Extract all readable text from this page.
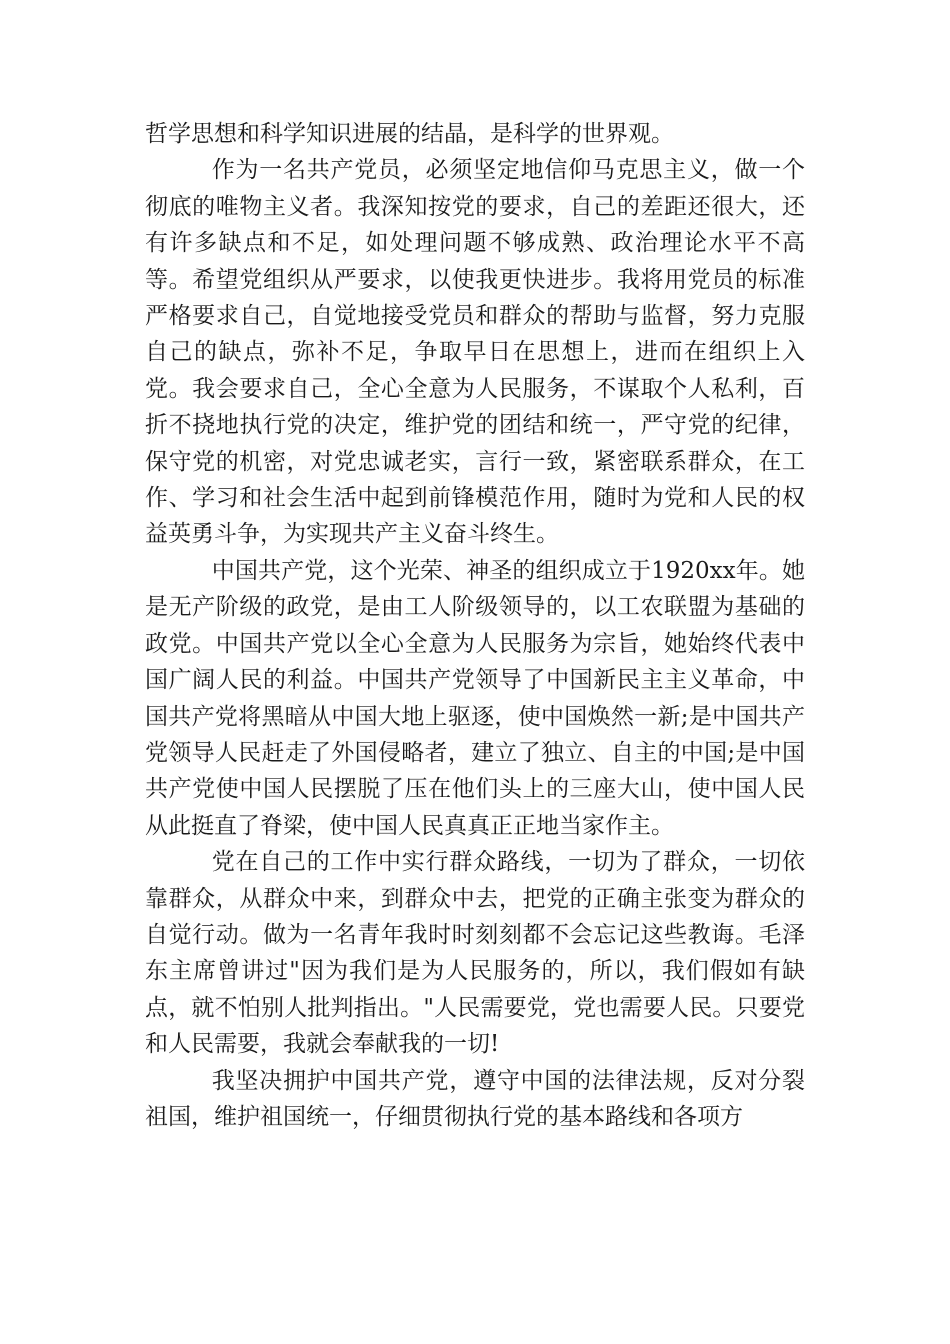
哲学思想和科学知识进展的结晶，是科学的世界观。

作为一名共产党员，必须坚定地信仰马克思主义，做一个彻底的唯物主义者。我深知按党的要求，自己的差距还很大，还有许多缺点和不足，如处理问题不够成熟、政治理论水平不高等。希望党组织从严要求，以使我更快进步。我将用党员的标准严格要求自己，自觉地接受党员和群众的帮助与监督，努力克服自己的缺点，弥补不足，争取早日在思想上，进而在组织上入党。我会要求自己，全心全意为人民服务，不谋取个人私利，百折不挠地执行党的决定，维护党的团结和统一，严守党的纪律，保守党的机密，对党忠诚老实，言行一致，紧密联系群众，在工作、学习和社会生活中起到前锋模范作用，随时为党和人民的权益英勇斗争，为实现共产主义奋斗终生。

中国共产党，这个光荣、神圣的组织成立于1920xx年。她是无产阶级的政党，是由工人阶级领导的，以工农联盟为基础的政党。中国共产党以全心全意为人民服务为宗旨，她始终代表中国广阔人民的利益。中国共产党领导了中国新民主主义革命，中国共产党将黑暗从中国大地上驱逐，使中国焕然一新;是中国共产党领导人民赶走了外国侵略者，建立了独立、自主的中国;是中国共产党使中国人民摆脱了压在他们头上的三座大山，使中国人民从此挺直了脊梁，使中国人民真真正正地当家作主。

党在自己的工作中实行群众路线，一切为了群众，一切依靠群众，从群众中来，到群众中去，把党的正确主张变为群众的自觉行动。做为一名青年我时时刻刻都不会忘记这些教诲。毛泽东主席曾讲过"因为我们是为人民服务的，所以，我们假如有缺点，就不怕别人批判指出。"人民需要党，党也需要人民。只要党和人民需要，我就会奉献我的一切!

我坚决拥护中国共产党，遵守中国的法律法规，反对分裂祖国，维护祖国统一，仔细贯彻执行党的基本路线和各项方
